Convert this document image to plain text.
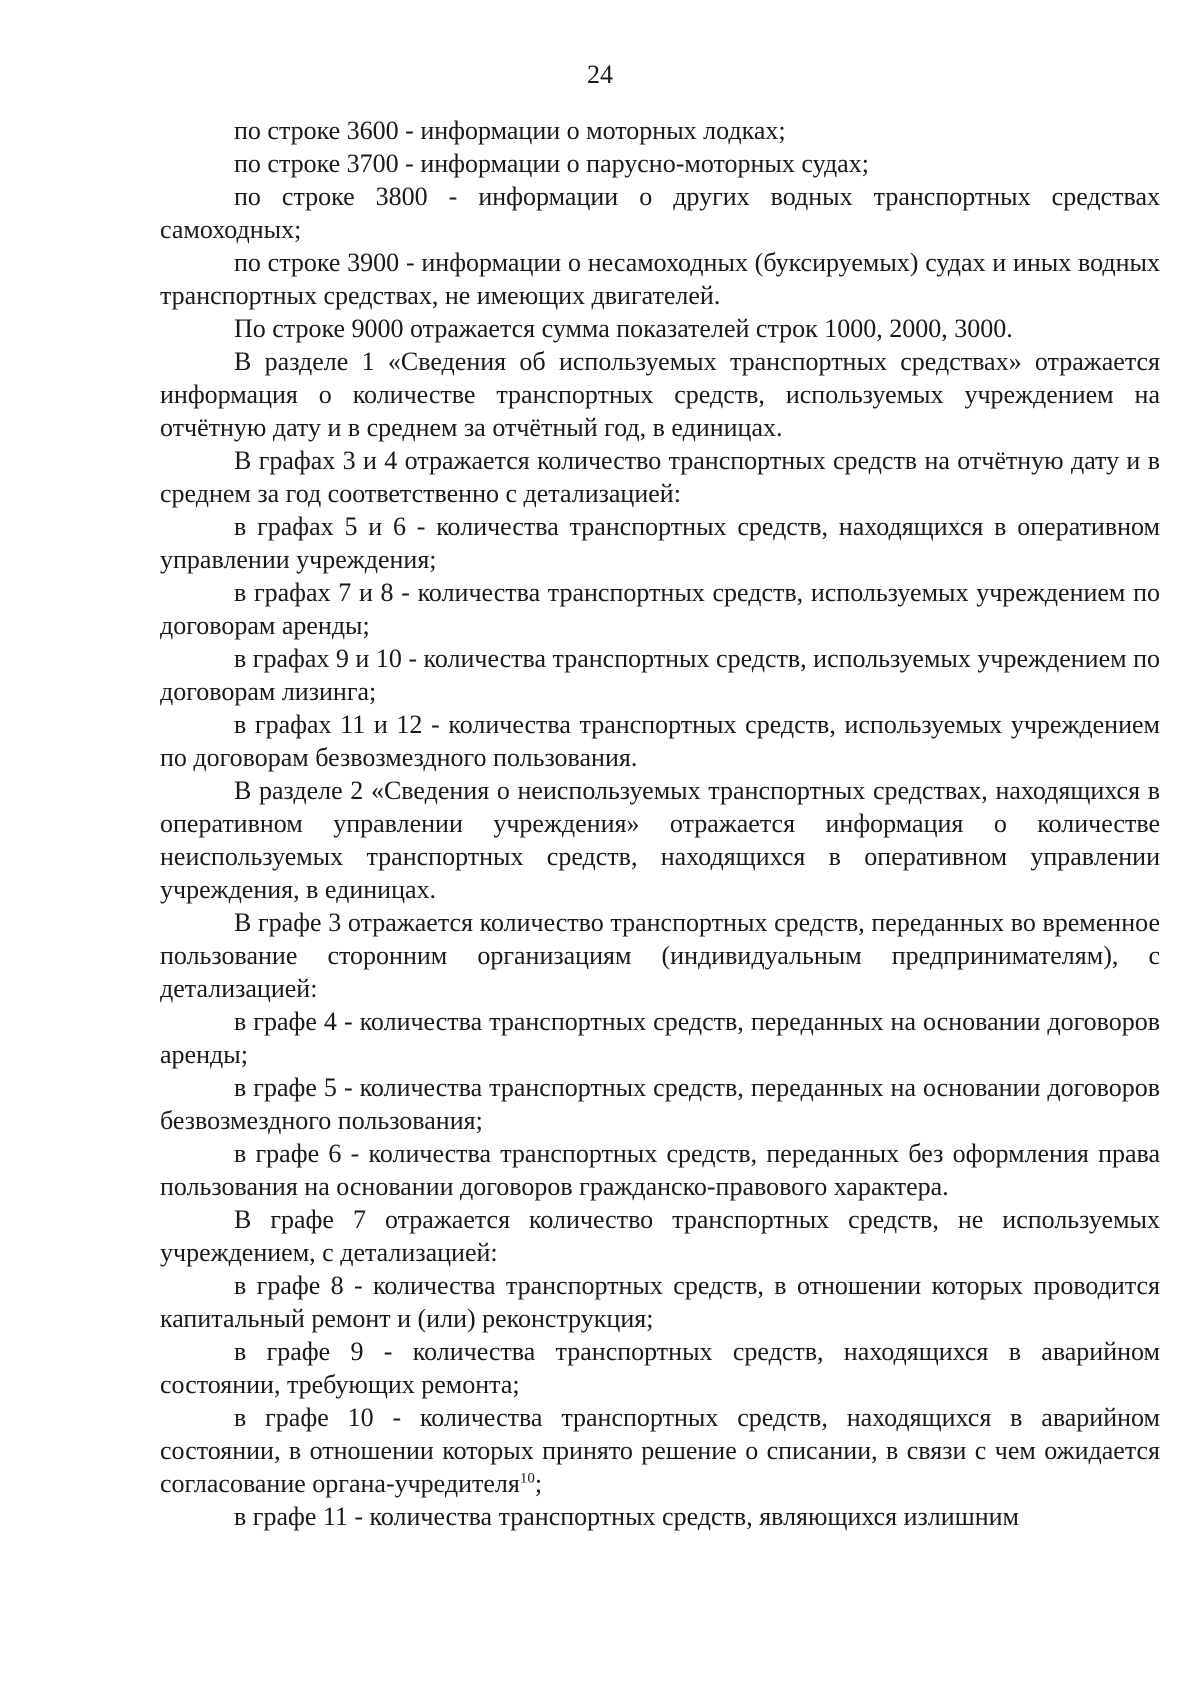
24

по строке 3600 - информации о моторных лодках;

по строке 3700 - информации о парусно-моторных судах;

по строке 3800 - информации о других водных транспортных средствах самоходных;

по строке 3900 - информации о несамоходных (буксируемых) судах и иных водных транспортных средствах, не имеющих двигателей.

По строке 9000 отражается сумма показателей строк 1000, 2000, 3000.

В разделе 1 «Сведения об используемых транспортных средствах» отражается информация о количестве транспортных средств, используемых учреждением на отчётную дату и в среднем за отчётный год, в единицах.

В графах 3 и 4 отражается количество транспортных средств на отчётную дату и в среднем за год соответственно с детализацией:

в графах 5 и 6 - количества транспортных средств, находящихся в оперативном управлении учреждения;

в графах 7 и 8 - количества транспортных средств, используемых учреждением по договорам аренды;

в графах 9 и 10 - количества транспортных средств, используемых учреждением по договорам лизинга;

в графах 11 и 12 - количества транспортных средств, используемых учреждением по договорам безвозмездного пользования.

В разделе 2 «Сведения о неиспользуемых транспортных средствах, находящихся в оперативном управлении учреждения» отражается информация о количестве неиспользуемых транспортных средств, находящихся в оперативном управлении учреждения, в единицах.

В графе 3 отражается количество транспортных средств, переданных во временное пользование сторонним организациям (индивидуальным предпринимателям), с детализацией:

в графе 4 - количества транспортных средств, переданных на основании договоров аренды;

в графе 5 - количества транспортных средств, переданных на основании договоров безвозмездного пользования;

в графе 6 - количества транспортных средств, переданных без оформления права пользования на основании договоров гражданско-правового характера.

В графе 7 отражается количество транспортных средств, не используемых учреждением, с детализацией:

в графе 8 - количества транспортных средств, в отношении которых проводится капитальный ремонт и (или) реконструкция;

в графе 9 - количества транспортных средств, находящихся в аварийном состоянии, требующих ремонта;

в графе 10 - количества транспортных средств, находящихся в аварийном состоянии, в отношении которых принято решение о списании, в связи с чем ожидается согласование органа-учредителя$^{10}$;

в графе 11 - количества транспортных средств, являющихся излишним
